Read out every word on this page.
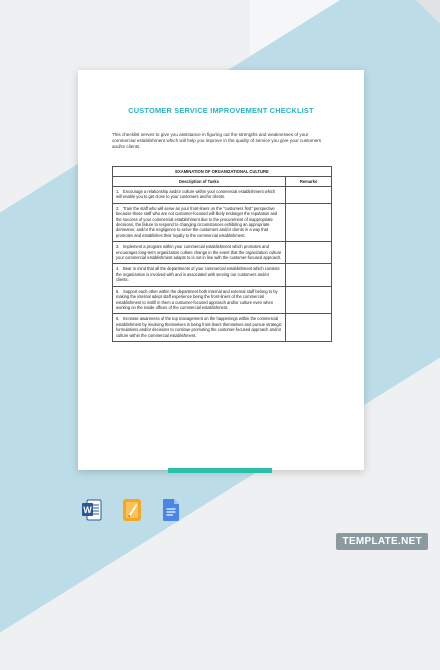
CUSTOMER SERVICE IMPROVEMENT CHECKLIST
This checklist serves to give you assistance in figuring out the strengths and weaknesses of your commercial establishment which will help you improve in the quality of service you give your customers and/or clients.
EXAMINATION OF ORGANIZATIONAL CULTURE	
Description of Tasks	Remarks
1. Encourage a relationship and/or culture within your commercial establishment which will enable you to get close to your customers and/or clients.	
2. Train the staff who will serve as your front-liners on the "customers first" perspective because those staff who are not customer-focused will likely endanger the reputation and the success of your commercial establishment due to the procurement of inappropriate decisions, the failure to respond to changing circumstances exhibiting an appropriate demeanor, and/or the negligence to serve the customers and/or clients in a way that promotes and establishes their loyalty to the commercial establishment.	
3. Implement a program within your commercial establishment which promotes and encourages long-term organization culture change in the event that the organization culture your commercial establishment adapts to is not in line with the customer-focused approach.	
4. Bear in mind that all the departments of your commercial establishment which consists the organization is involved with and is associated with serving our customers and/or clients.	
5. Support each other within the department both internal and external staff belong to by making the internal adept staff experience being the front-liners of the commercial establishment to instill in them a customer-focused approach and/or culture even when working on the inside offices of the commercial establishment.	
6. Increase awareness of the top management on the happenings within the commercial establishment by involving themselves in being front-liners themselves and pursue strategic formulations and/or decisions to continue promoting the customer-focused approach and/or culture within the commercial establishment.	
W
TEMPLATE.NET
